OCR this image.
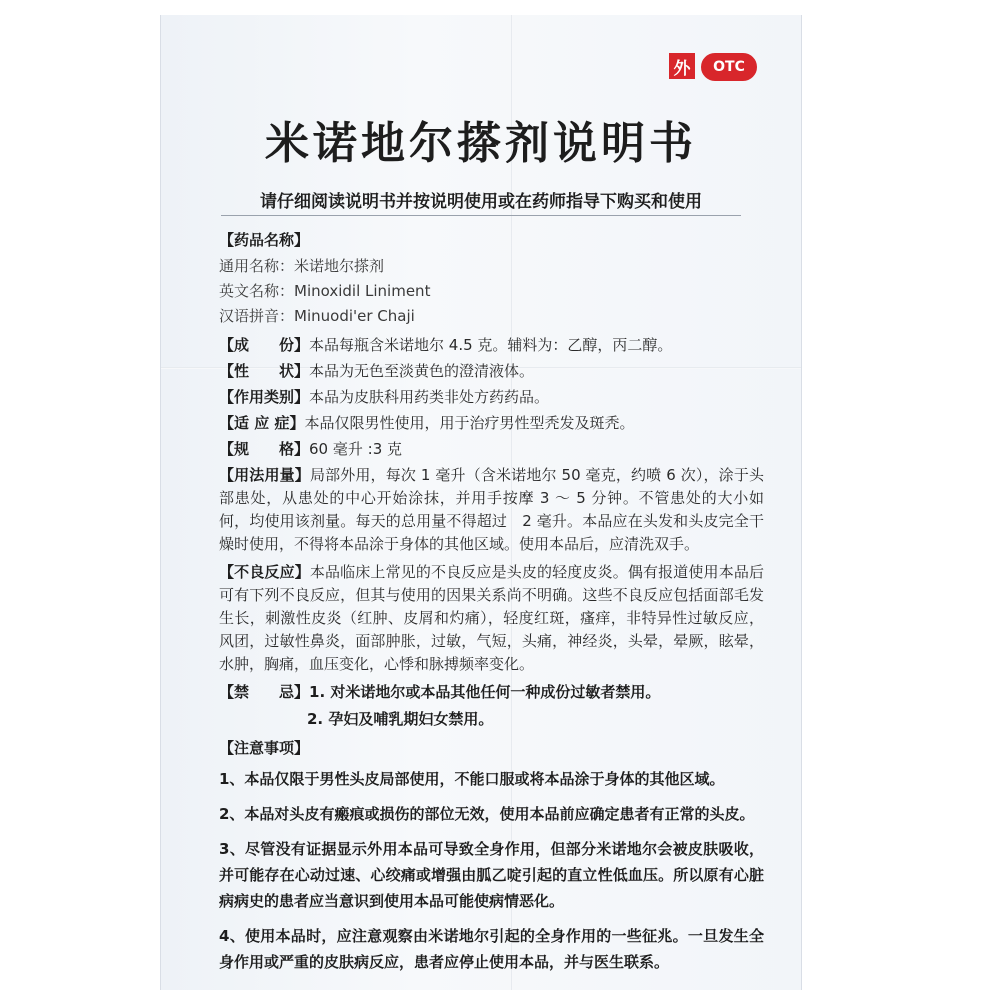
外	OTC
米诺地尔搽剂说明书
请仔细阅读说明书并按说明使用或在药师指导下购买和使用
【药品名称】
通用名称：米诺地尔搽剂
英文名称：Minoxidil Liniment
汉语拼音：Minuodi'er Chaji
【成　　份】本品每瓶含米诺地尔 4.5 克。辅料为：乙醇，丙二醇。
【性　　状】本品为无色至淡黄色的澄清液体。
【作用类别】本品为皮肤科用药类非处方药药品。
【适 应 症】本品仅限男性使用，用于治疗男性型秃发及斑秃。
【规　　格】60 毫升 :3 克
【用法用量】局部外用，每次 1 毫升（含米诺地尔 50 毫克，约喷 6 次），涂于头部患处，从患处的中心开始涂抹，并用手按摩 3 ～ 5 分钟。不管患处的大小如何，均使用该剂量。每天的总用量不得超过　2 毫升。本品应在头发和头皮完全干燥时使用，不得将本品涂于身体的其他区域。使用本品后，应清洗双手。
【不良反应】本品临床上常见的不良反应是头皮的轻度皮炎。偶有报道使用本品后可有下列不良反应，但其与使用的因果关系尚不明确。这些不良反应包括面部毛发生长，刺激性皮炎（红肿、皮屑和灼痛），轻度红斑，瘙痒，非特异性过敏反应，风团，过敏性鼻炎，面部肿胀，过敏，气短，头痛，神经炎，头晕，晕厥，眩晕，水肿，胸痛，血压变化，心悸和脉搏频率变化。
【禁　　忌】1. 对米诺地尔或本品其他任何一种成份过敏者禁用。
2. 孕妇及哺乳期妇女禁用。
【注意事项】
1、本品仅限于男性头皮局部使用，不能口服或将本品涂于身体的其他区域。
2、本品对头皮有瘢痕或损伤的部位无效，使用本品前应确定患者有正常的头皮。
3、尽管没有证据显示外用本品可导致全身作用，但部分米诺地尔会被皮肤吸收，并可能存在心动过速、心绞痛或增强由胍乙啶引起的直立性低血压。所以原有心脏病病史的患者应当意识到使用本品可能使病情恶化。
4、使用本品时，应注意观察由米诺地尔引起的全身作用的一些征兆。一旦发生全身作用或严重的皮肤病反应，患者应停止使用本品，并与医生联系。
